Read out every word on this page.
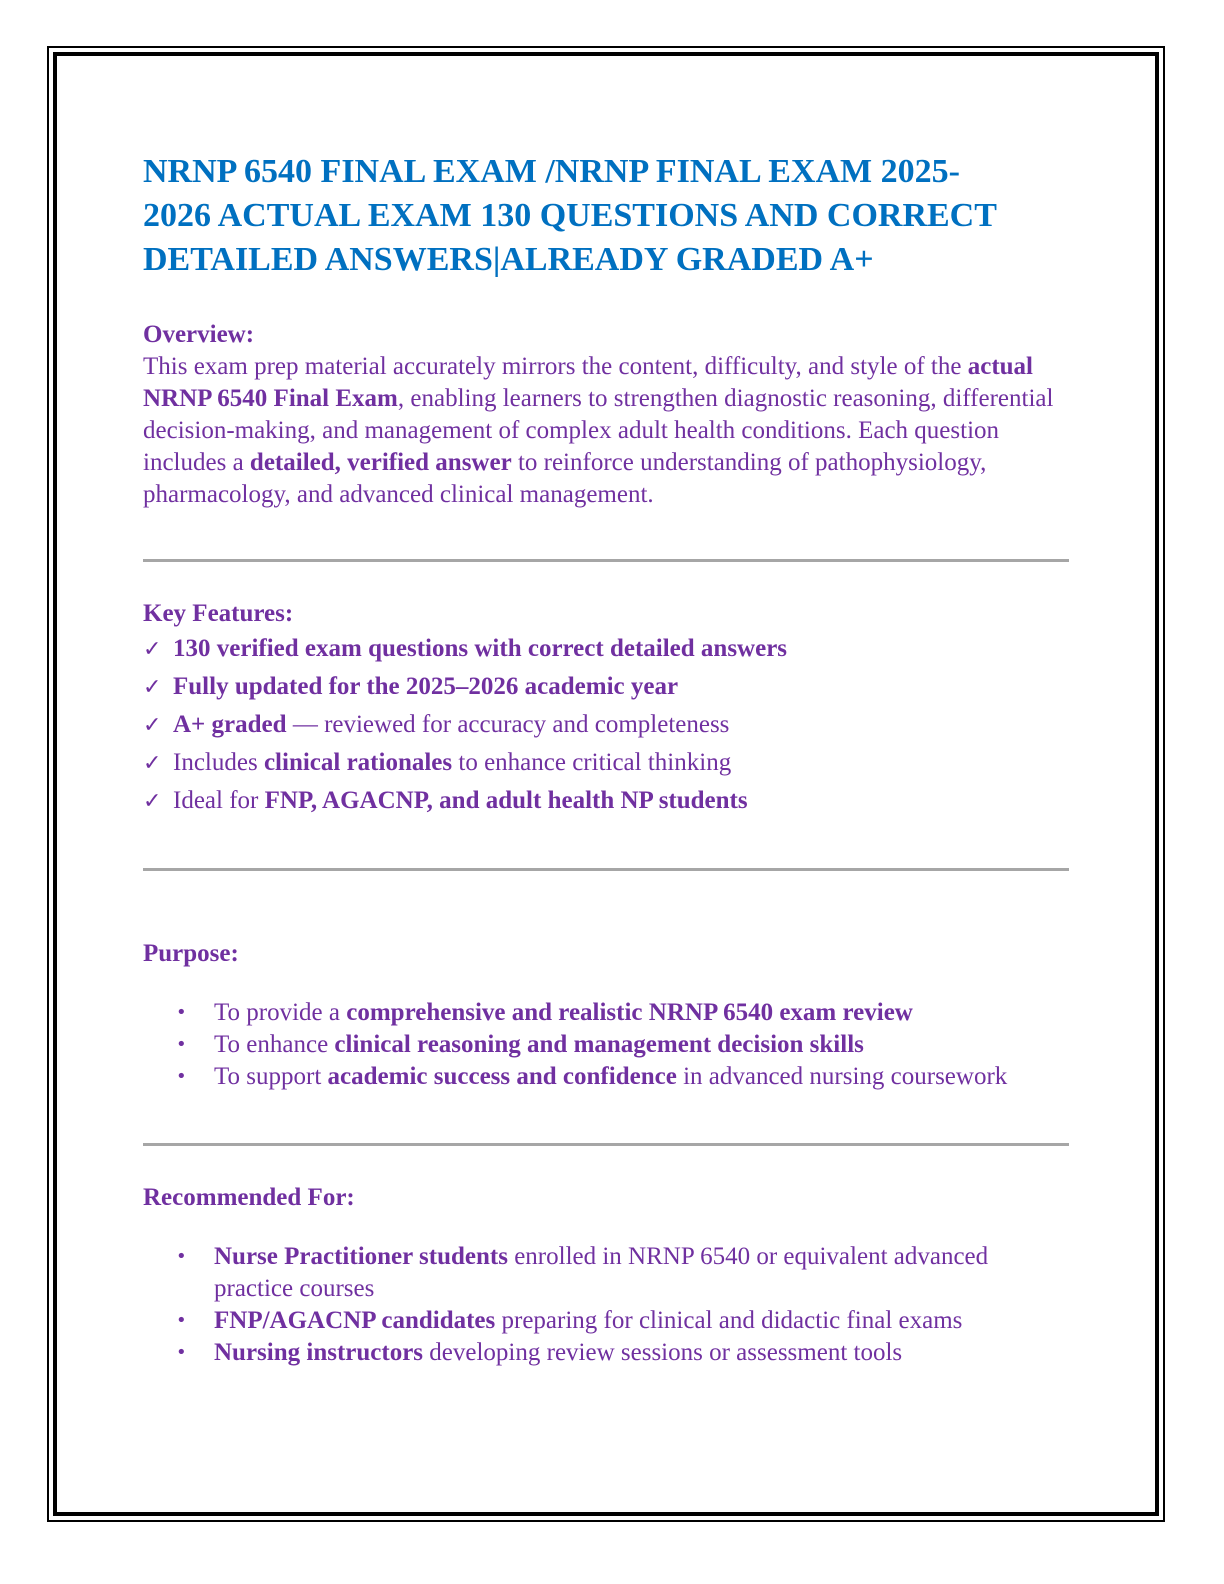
NRNP 6540 FINAL EXAM /NRNP FINAL EXAM 2025-
2026 ACTUAL EXAM 130 QUESTIONS AND CORRECT
DETAILED ANSWERS|ALREADY GRADED A+
Overview:

This exam prep material accurately mirrors the content, difficulty, and style of the actual NRNP 6540 Final Exam, enabling learners to strengthen diagnostic reasoning, differential decision-making, and management of complex adult health conditions. Each question includes a detailed, verified answer to reinforce understanding of pathophysiology, pharmacology, and advanced clinical management.

Key Features:
✓ 130 verified exam questions with correct detailed answers
✓ Fully updated for the 2025–2026 academic year
✓ A+ graded — reviewed for accuracy and completeness
✓ Includes clinical rationales to enhance critical thinking
✓ Ideal for FNP, AGACNP, and adult health NP students
Purpose:
• To provide a comprehensive and realistic NRNP 6540 exam review
• To enhance clinical reasoning and management decision skills
• To support academic success and confidence in advanced nursing coursework
Recommended For:
• Nurse Practitioner students enrolled in NRNP 6540 or equivalent advanced practice courses
• FNP/AGACNP candidates preparing for clinical and didactic final exams
• Nursing instructors developing review sessions or assessment tools
